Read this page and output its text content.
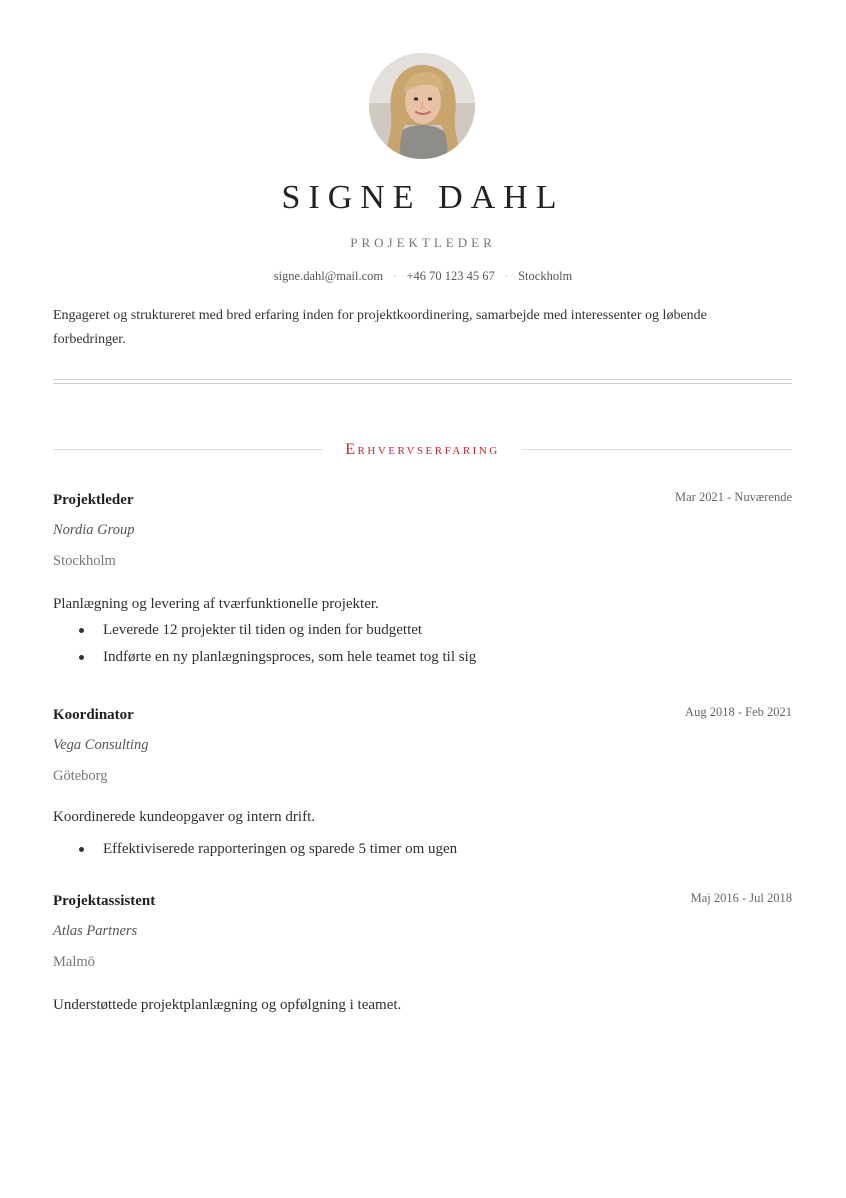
SIGNE DAHL
PROJEKTLEDER
signe.dahl@mail.com · +46 70 123 45 67 · Stockholm
Engageret og struktureret med bred erfaring inden for projektkoordinering, samarbejde med interessenter og løbende forbedringer.
Erhvervserfaring
Projektleder	Mar 2021 - Nuværende
Nordia Group
Stockholm
Planlægning og levering af tværfunktionelle projekter.
Leverede 12 projekter til tiden og inden for budgettet
Indførte en ny planlægningsproces, som hele teamet tog til sig
Koordinator	Aug 2018 - Feb 2021
Vega Consulting
Göteborg
Koordinerede kundeopgaver og intern drift.
Effektiviserede rapporteringen og sparede 5 timer om ugen
Projektassistent	Maj 2016 - Jul 2018
Atlas Partners
Malmö
Understøttede projektplanlægning og opfølgning i teamet.
